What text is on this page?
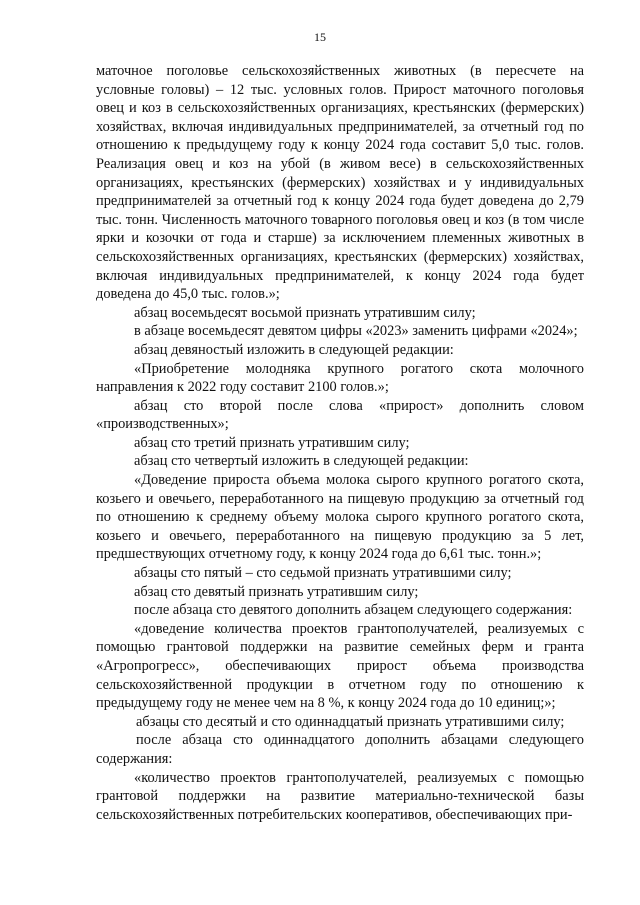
15

маточное поголовье сельскохозяйственных животных (в пересчете на условные головы) – 12 тыс. условных голов. Прирост маточного поголовья овец и коз в сельскохозяйственных организациях, крестьянских (фермерских) хозяйствах, включая индивидуальных предпринимателей, за отчетный год по отношению к предыдущему году к концу 2024 года составит 5,0 тыс. голов. Реализация овец и коз на убой (в живом весе) в сельскохозяйственных организациях, крестьянских (фермерских) хозяйствах и у индивидуальных предпринимателей за отчетный год к концу 2024 года будет доведена до 2,79 тыс. тонн. Численность маточного товарного поголовья овец и коз (в том числе ярки и козочки от года и старше) за исключением племенных животных в сельскохозяйственных организациях, крестьянских (фермерских) хозяйствах, включая индивидуальных предпринимателей, к концу 2024 года будет доведена до 45,0 тыс. голов.»;

абзац восемьдесят восьмой признать утратившим силу;

в абзаце восемьдесят девятом цифры «2023» заменить цифрами «2024»;

абзац девяностый изложить в следующей редакции:

«Приобретение молодняка крупного рогатого скота молочного направления к 2022 году составит 2100 голов.»;

абзац сто второй после слова «прирост» дополнить словом «производственных»;

абзац сто третий признать утратившим силу;

абзац сто четвертый изложить в следующей редакции:

«Доведение прироста объема молока сырого крупного рогатого скота, козьего и овечьего, переработанного на пищевую продукцию за отчетный год по отношению к среднему объему молока сырого крупного рогатого скота, козьего и овечьего, переработанного на пищевую продукцию за 5 лет, предшествующих отчетному году, к концу 2024 года до 6,61 тыс. тонн.»;

абзацы сто пятый – сто седьмой признать утратившими силу;

абзац сто девятый признать утратившим силу;

после абзаца сто девятого дополнить абзацем следующего содержания:

«доведение количества проектов грантополучателей, реализуемых с помощью грантовой поддержки на развитие семейных ферм и гранта «Агропрогресс», обеспечивающих прирост объема производства сельскохозяйственной продукции в отчетном году по отношению к предыдущему году не менее чем на 8 %, к концу 2024 года до 10 единиц;»;

абзацы сто десятый и сто одиннадцатый признать утратившими силу;

после абзаца сто одиннадцатого дополнить абзацами следующего содержания:

«количество проектов грантополучателей, реализуемых с помощью грантовой поддержки на развитие материально-технической базы сельскохозяйственных потребительских кооперативов, обеспечивающих при-
